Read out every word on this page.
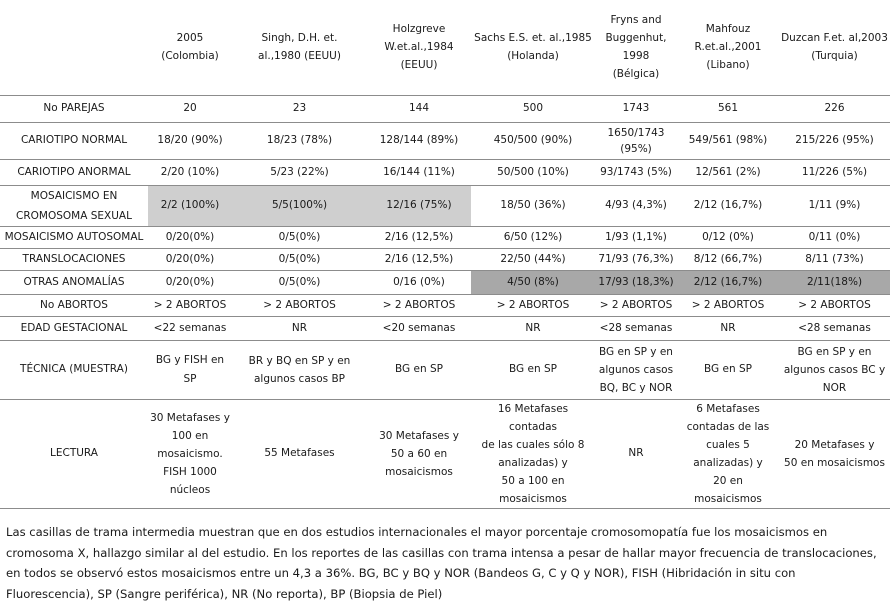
	2005
(Colombia)	Singh, D.H. et.
al.,1980 (EEUU)	Holzgreve
W.et.al.,1984
(EEUU)	Sachs E.S. et. al.,1985
(Holanda)	Fryns and
Buggenhut,
1998
(Bélgica)	Mahfouz
R.et.al.,2001
(Libano)	Duzcan F.et. al,2003
(Turquia)
No PAREJAS	20	23	144	500	1743	561	226
CARIOTIPO NORMAL	18/20 (90%)	18/23 (78%)	128/144 (89%)	450/500 (90%)	1650/1743
(95%)	549/561 (98%)	215/226 (95%)
CARIOTIPO ANORMAL	2/20 (10%)	5/23 (22%)	16/144 (11%)	50/500 (10%)	93/1743 (5%)	12/561 (2%)	11/226 (5%)
MOSAICISMO EN
CROMOSOMA SEXUAL	2/2 (100%)	5/5(100%)	12/16 (75%)	18/50 (36%)	4/93 (4,3%)	2/12 (16,7%)	1/11 (9%)
MOSAICISMO AUTOSOMAL	0/20(0%)	0/5(0%)	2/16 (12,5%)	6/50 (12%)	1/93 (1,1%)	0/12 (0%)	0/11 (0%)
TRANSLOCACIONES	0/20(0%)	0/5(0%)	2/16 (12,5%)	22/50 (44%)	71/93 (76,3%)	8/12 (66,7%)	8/11 (73%)
OTRAS ANOMALÍAS	0/20(0%)	0/5(0%)	0/16 (0%)	4/50 (8%)	17/93 (18,3%)	2/12 (16,7%)	2/11(18%)
No ABORTOS	> 2 ABORTOS	> 2 ABORTOS	> 2 ABORTOS	> 2 ABORTOS	> 2 ABORTOS	> 2 ABORTOS	> 2 ABORTOS
EDAD GESTACIONAL	<22 semanas	NR	<20 semanas	NR	<28 semanas	NR	<28 semanas
TÉCNICA (MUESTRA)	BG y FISH en SP	BR y BQ en SP y en
algunos casos BP	BG en SP	BG en SP	BG en SP y en
algunos casos
BQ, BC y NOR	BG en SP	BG en SP y en
algunos casos BC y
NOR
LECTURA	30 Metafases y
100 en mosaicismo.
FISH 1000 núcleos	55 Metafases	30 Metafases y
50 a 60 en
mosaicismos	16 Metafases contadas
de las cuales sólo 8
analizadas) y
50 a 100 en
mosaicismos	NR	6 Metafases
contadas de las
cuales 5
analizadas) y
20 en mosaicismos	20 Metafases y
50 en mosaicismos

Las casillas de trama intermedia muestran que en dos estudios internacionales el mayor porcentaje cromosomopatía fue los mosaicismos en cromosoma X, hallazgo similar al del estudio. En los reportes de las casillas con trama intensa a pesar de hallar mayor frecuencia de translocaciones, en todos se observó estos mosaicismos entre un 4,3 a 36%. BG, BC y BQ y NOR (Bandeos G, C y Q y NOR), FISH (Hibridación in situ con Fluorescencia), SP (Sangre periférica), NR (No reporta), BP (Biopsia de Piel)
